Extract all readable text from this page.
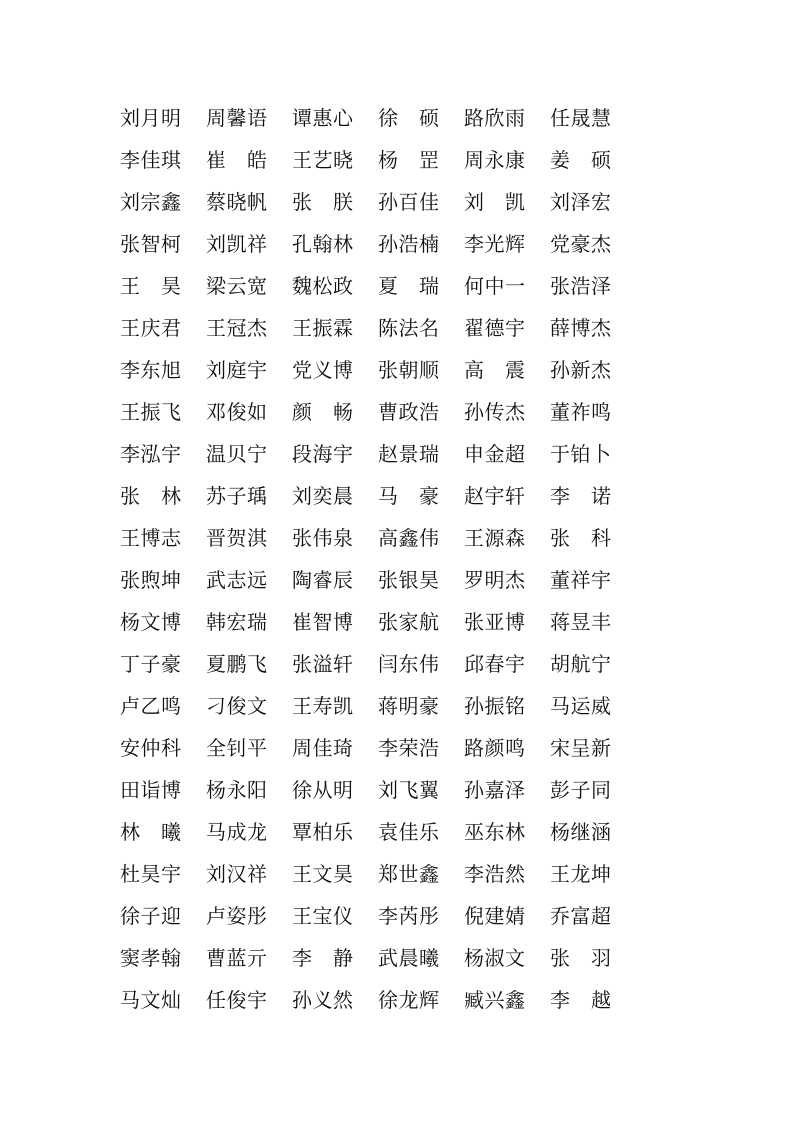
刘月明	周馨语	谭惠心	徐　硕	路欣雨	任晟慧
李佳琪	崔　皓	王艺晓	杨　罡	周永康	姜　硕
刘宗鑫	蔡晓帆	张　朕	孙百佳	刘　凯	刘泽宏
张智柯	刘凯祥	孔翰林	孙浩楠	李光辉	党豪杰
王　昊	梁云宽	魏松政	夏　瑞	何中一	张浩泽
王庆君	王冠杰	王振霖	陈法名	翟德宇	薛博杰
李东旭	刘庭宇	党义博	张朝顺	高　震	孙新杰
王振飞	邓俊如	颜　畅	曹政浩	孙传杰	董祚鸣
李泓宇	温贝宁	段海宇	赵景瑞	申金超	于铂卜
张　林	苏子瑀	刘奕晨	马　豪	赵宇轩	李　诺
王博志	晋贺淇	张伟泉	高鑫伟	王源森	张　科
张煦坤	武志远	陶睿辰	张银昊	罗明杰	董祥宇
杨文博	韩宏瑞	崔智博	张家航	张亚博	蒋昱丰
丁子豪	夏鹏飞	张溢轩	闫东伟	邱春宇	胡航宁
卢乙鸣	刁俊文	王寿凯	蒋明豪	孙振铭	马运威
安仲科	全钊平	周佳琦	李荣浩	路颜鸣	宋呈新
田诣博	杨永阳	徐从明	刘飞翼	孙嘉泽	彭子同
林　曦	马成龙	覃柏乐	袁佳乐	巫东林	杨继涵
杜昊宇	刘汉祥	王文昊	郑世鑫	李浩然	王龙坤
徐子迎	卢姿彤	王宝仪	李芮彤	倪建婧	乔富超
窦孝翰	曹蓝亓	李　静	武晨曦	杨淑文	张　羽
马文灿	任俊宇	孙义然	徐龙辉	臧兴鑫	李　越
